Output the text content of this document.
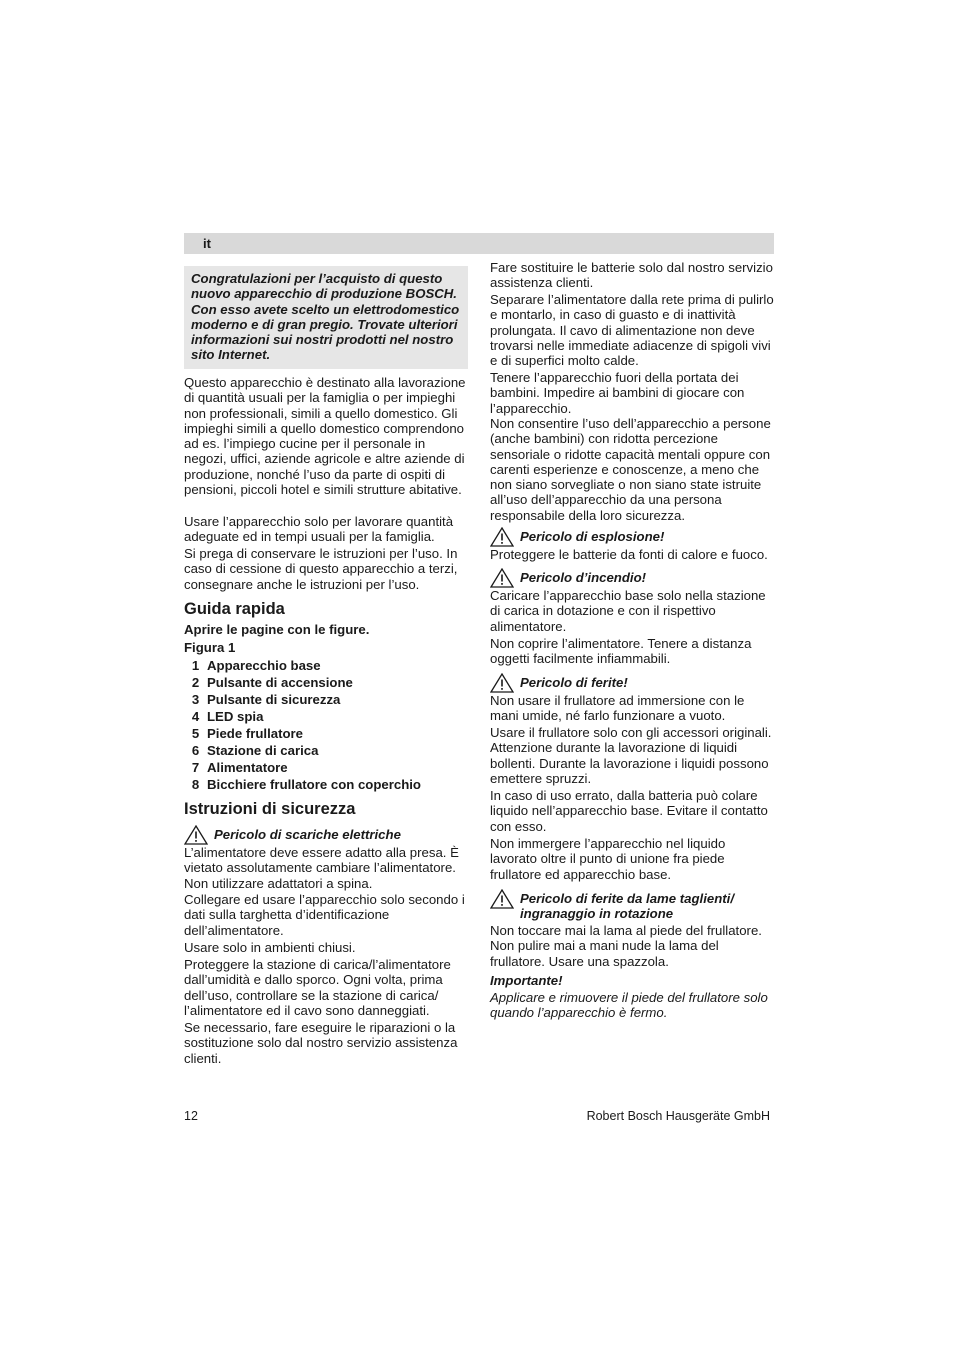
it

Congratulazioni per l’acquisto di questo nuovo apparecchio di produzione BOSCH. Con esso avete scelto un elettrodomestico moderno e di gran pregio. Trovate ulteriori informazioni sui nostri prodotti nel nostro sito Internet.

Questo apparecchio è destinato alla lavorazione di quantità usuali per la famiglia o per impieghi non professionali, simili a quello domestico. Gli impieghi simili a quello domestico comprendono ad es. l’impiego cucine per il personale in negozi, uffici, aziende agricole e altre aziende di produzione, nonché l’uso da parte di ospiti di pensioni, piccoli hotel e simili strutture abitative.

Usare l’apparecchio solo per lavorare quantità adeguate ed in tempi usuali per la famiglia.

Si prega di conservare le istruzioni per l’uso. In caso di cessione di questo apparecchio a terzi, consegnare anche le istruzioni per l’uso.

Guida rapida

Aprire le pagine con le figure.

Figura 1

1 Apparecchio base
2 Pulsante di accensione
3 Pulsante di sicurezza
4 LED spia
5 Piede frullatore
6 Stazione di carica
7 Alimentatore
8 Bicchiere frullatore con coperchio
Istruzioni di sicurezza
Pericolo di scariche elettriche

L’alimentatore deve essere adatto alla presa. È vietato assolutamente cambiare l’alimentatore. Non utilizzare adattatori a spina.

Collegare ed usare l’apparecchio solo secondo i dati sulla targhetta d’identificazione dell’alimentatore.

Usare solo in ambienti chiusi.

Proteggere la stazione di carica/l’alimentatore dall’umidità e dallo sporco. Ogni volta, prima dell’uso, controllare se la stazione di carica/ l’alimentatore ed il cavo sono danneggiati.

Se necessario, fare eseguire le riparazioni o la sostituzione solo dal nostro servizio assistenza clienti.

Fare sostituire le batterie solo dal nostro servizio assistenza clienti.

Separare l’alimentatore dalla rete prima di pulirlo e montarlo, in caso di guasto e di inattività prolungata. Il cavo di alimentazione non deve trovarsi nelle immediate adiacenze di spigoli vivi e di superfici molto calde.

Tenere l’apparecchio fuori della portata dei bambini. Impedire ai bambini di giocare con l’apparecchio.

Non consentire l’uso dell’apparecchio a persone (anche bambini) con ridotta percezione sensoriale o ridotte capacità mentali oppure con carenti esperienze e conoscenze, a meno che non siano sorvegliate o non siano state istruite all’uso dell’apparecchio da una persona responsabile della loro sicurezza.

Pericolo di esplosione!

Proteggere le batterie da fonti di calore e fuoco.

Pericolo d’incendio!

Caricare l’apparecchio base solo nella stazione di carica in dotazione e con il rispettivo alimentatore.

Non coprire l’alimentatore. Tenere a distanza oggetti facilmente infiammabili.

Pericolo di ferite!

Non usare il frullatore ad immersione con le mani umide, né farlo funzionare a vuoto.

Usare il frullatore solo con gli accessori originali. Attenzione durante la lavorazione di liquidi bollenti. Durante la lavorazione i liquidi possono emettere spruzzi.

In caso di uso errato, dalla batteria può colare liquido nell’apparecchio base. Evitare il contatto con esso.

Non immergere l’apparecchio nel liquido lavorato oltre il punto di unione fra piede frullatore ed apparecchio base.

Pericolo di ferite da lame taglienti/ ingranaggio in rotazione

Non toccare mai la lama al piede del frullatore. Non pulire mai a mani nude la lama del frullatore. Usare una spazzola.

Importante!

Applicare e rimuovere il piede del frullatore solo quando l’apparecchio è fermo.

12	Robert Bosch Hausgeräte GmbH
